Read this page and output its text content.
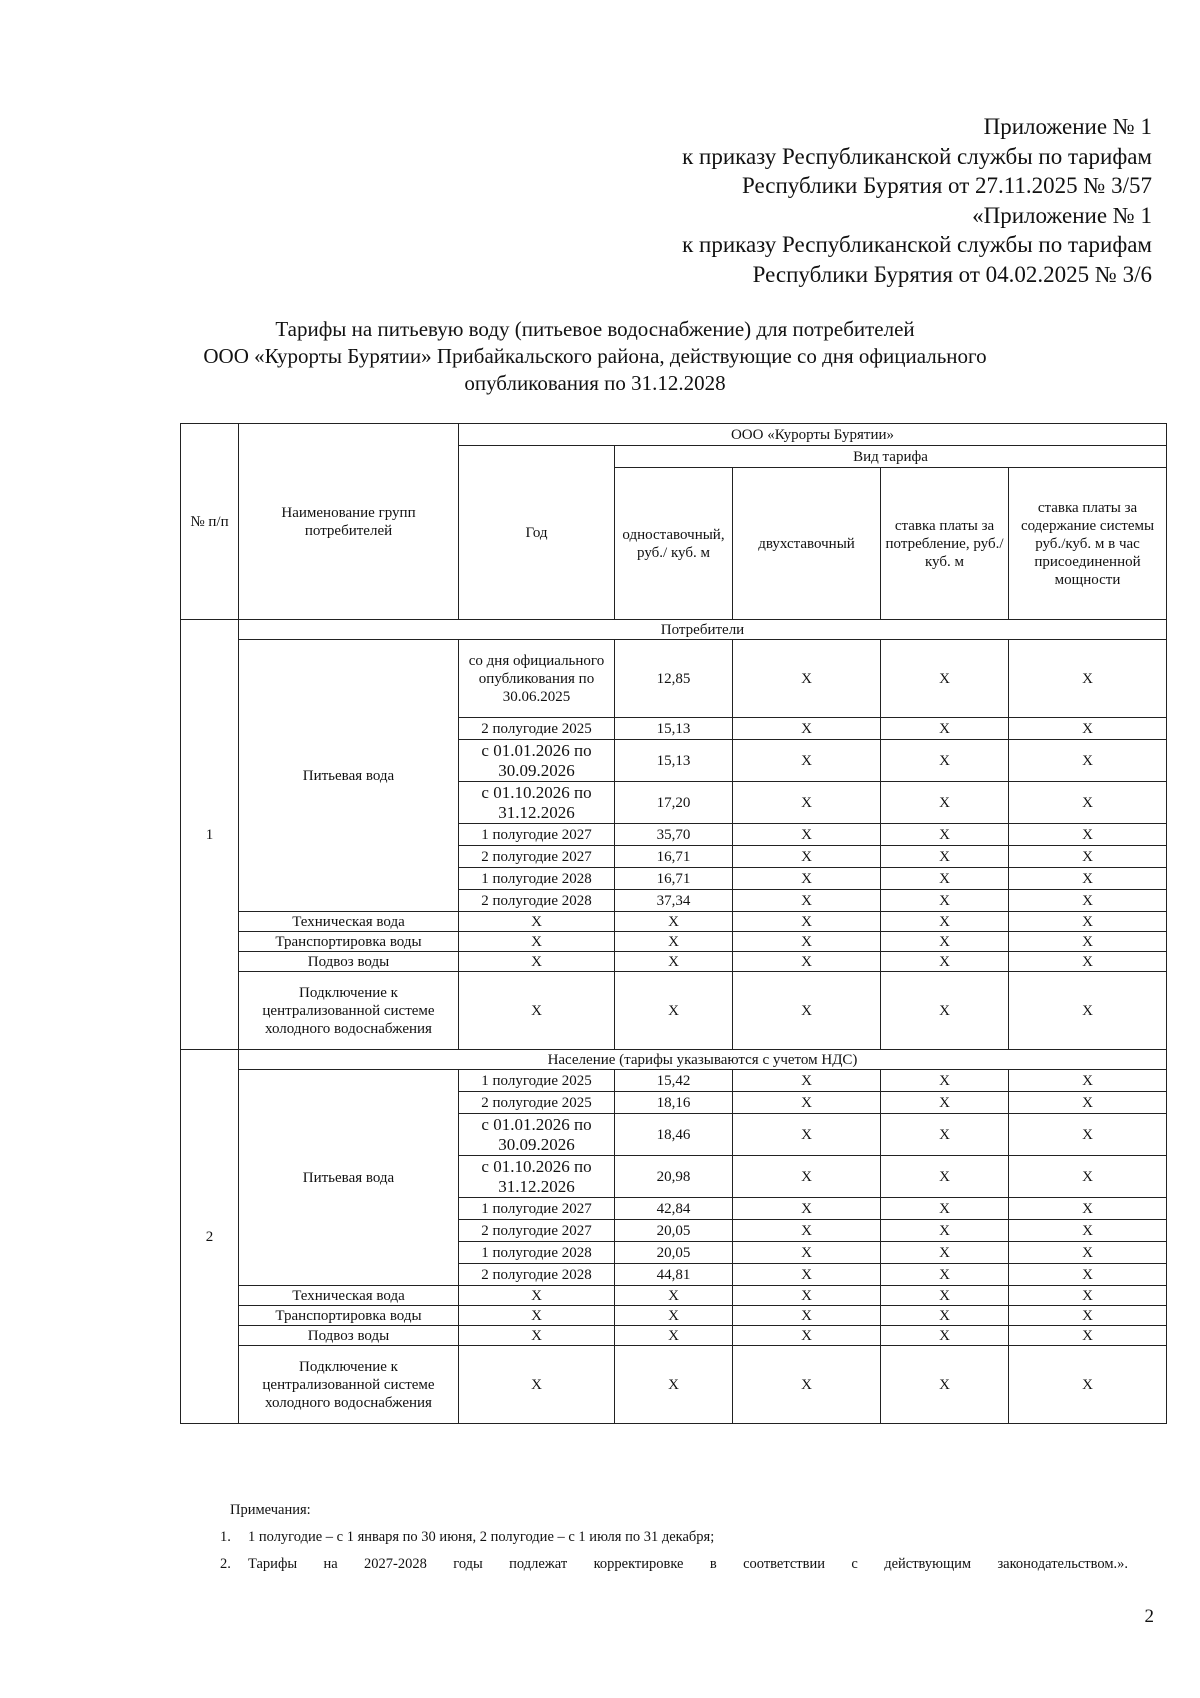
Приложение № 1
к приказу Республиканской службы по тарифам
Республики Бурятия от 27.11.2025 № 3/57
«Приложение № 1
к приказу Республиканской службы по тарифам
Республики Бурятия от 04.02.2025 № 3/6
Тарифы на питьевую воду (питьевое водоснабжение) для потребителей
ООО «Курорты Бурятии» Прибайкальского района, действующие со дня официального
опубликования по 31.12.2028
№ п/п	Наименование групп потребителей	ООО «Курорты Бурятии»				
		Год	Вид тарифа			
			одноставочный, руб./ куб. м	двухставочный	ставка платы за потребление, руб./ куб. м	ставка платы за содержание системы руб./куб. м в час присоединенной мощности
1	Потребители					
	Питьевая вода	со дня официального опубликования по 30.06.2025	12,85	X	X	X
		2 полугодие 2025	15,13	X	X	X
		с 01.01.2026 по 30.09.2026	15,13	X	X	X
		с 01.10.2026 по 31.12.2026	17,20	X	X	X
		1 полугодие 2027	35,70	X	X	X
		2 полугодие 2027	16,71	X	X	X
		1 полугодие 2028	16,71	X	X	X
		2 полугодие 2028	37,34	X	X	X
	Техническая вода	X	X	X	X	X
	Транспортировка воды	X	X	X	X	X
	Подвоз воды	X	X	X	X	X
	Подключение к централизованной системе холодного водоснабжения	X	X	X	X	X
2	Население (тарифы указываются с учетом НДС)					
	Питьевая вода	1 полугодие 2025	15,42	X	X	X
		2 полугодие 2025	18,16	X	X	X
		с 01.01.2026 по 30.09.2026	18,46	X	X	X
		с 01.10.2026 по 31.12.2026	20,98	X	X	X
		1 полугодие 2027	42,84	X	X	X
		2 полугодие 2027	20,05	X	X	X
		1 полугодие 2028	20,05	X	X	X
		2 полугодие 2028	44,81	X	X	X
	Техническая вода	X	X	X	X	X
	Транспортировка воды	X	X	X	X	X
	Подвоз воды	X	X	X	X	X
	Подключение к централизованной системе холодного водоснабжения	X	X	X	X	X
Примечания:
1. 1 полугодие – с 1 января по 30 июня, 2 полугодие – с 1 июля по 31 декабря;
2. Тарифы на 2027-2028 годы подлежат корректировке в соответствии с действующим законодательством.».
2
